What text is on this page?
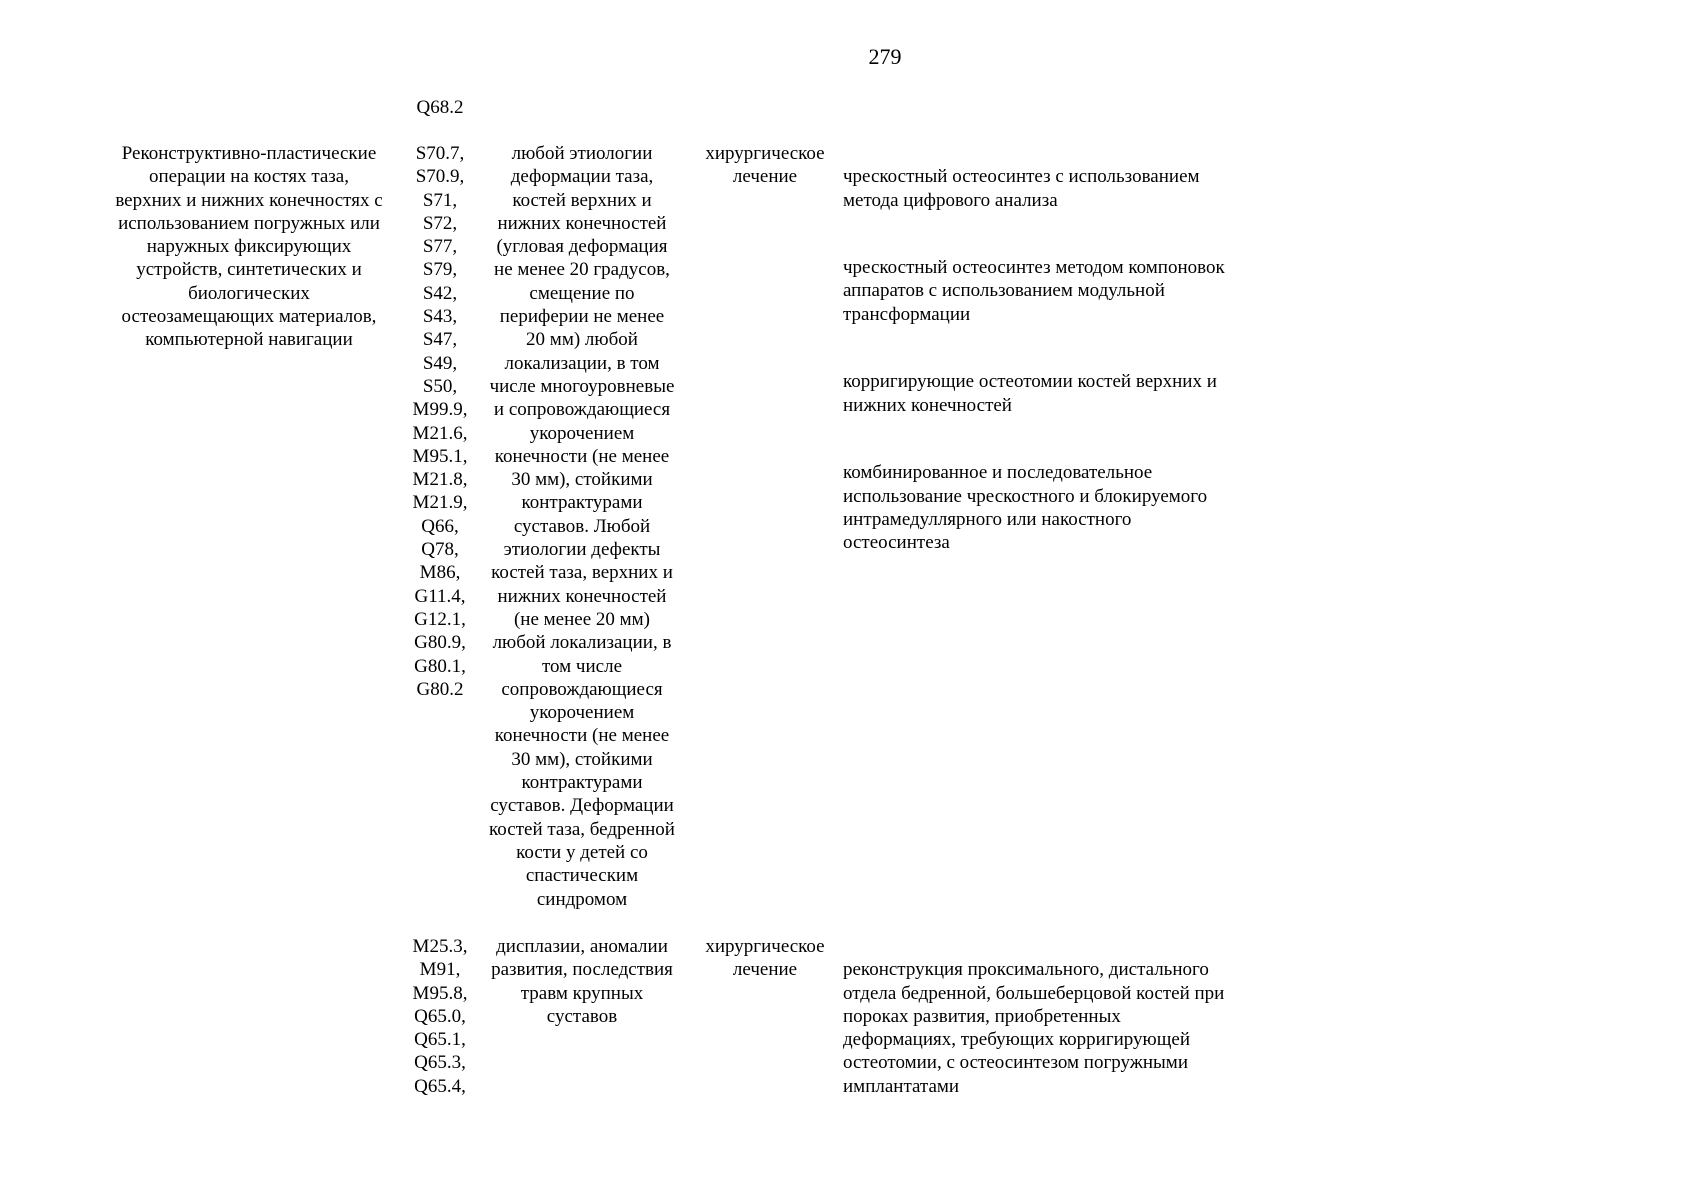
279
Q68.2
Реконструктивно-пластические
операции на костях таза,
верхних и нижних конечностях с
использованием погружных или
наружных фиксирующих
устройств, синтетических и
биологических
остеозамещающих материалов,
компьютерной навигации
S70.7,
S70.9,
S71,
S72,
S77,
S79,
S42,
S43,
S47,
S49,
S50,
M99.9,
M21.6,
M95.1,
M21.8,
M21.9,
Q66,
Q78,
M86,
G11.4,
G12.1,
G80.9,
G80.1,
G80.2
любой этиологии
деформации таза,
костей верхних и
нижних конечностей
(угловая деформация
не менее 20 градусов,
смещение по
периферии не менее
20 мм) любой
локализации, в том
числе многоуровневые
и сопровождающиеся
укорочением
конечности (не менее
30 мм), стойкими
контрактурами
суставов. Любой
этиологии дефекты
костей таза, верхних и
нижних конечностей
(не менее 20 мм)
любой локализации, в
том числе
сопровождающиеся
укорочением
конечности (не менее
30 мм), стойкими
контрактурами
суставов. Деформации
костей таза, бедренной
кости у детей со
спастическим
синдромом
хирургическое
лечение	чрескостный остеосинтез с использованием
метода цифрового анализа

чрескостный остеосинтез методом компоновок
аппаратов с использованием модульной
трансформации

корригирующие остеотомии костей верхних и
нижних конечностей

комбинированное и последовательное
использование чрескостного и блокируемого
интрамедуллярного или накостного
остеосинтеза

M25.3,
M91,
M95.8,
Q65.0,
Q65.1,
Q65.3,
Q65.4,
дисплазии, аномалии
развития, последствия
травм крупных
суставов
хирургическое
лечение	реконструкция проксимального, дистального
отдела бедренной, большеберцовой костей при
пороках развития, приобретенных
деформациях, требующих корригирующей
остеотомии, с остеосинтезом погружными
имплантатами
